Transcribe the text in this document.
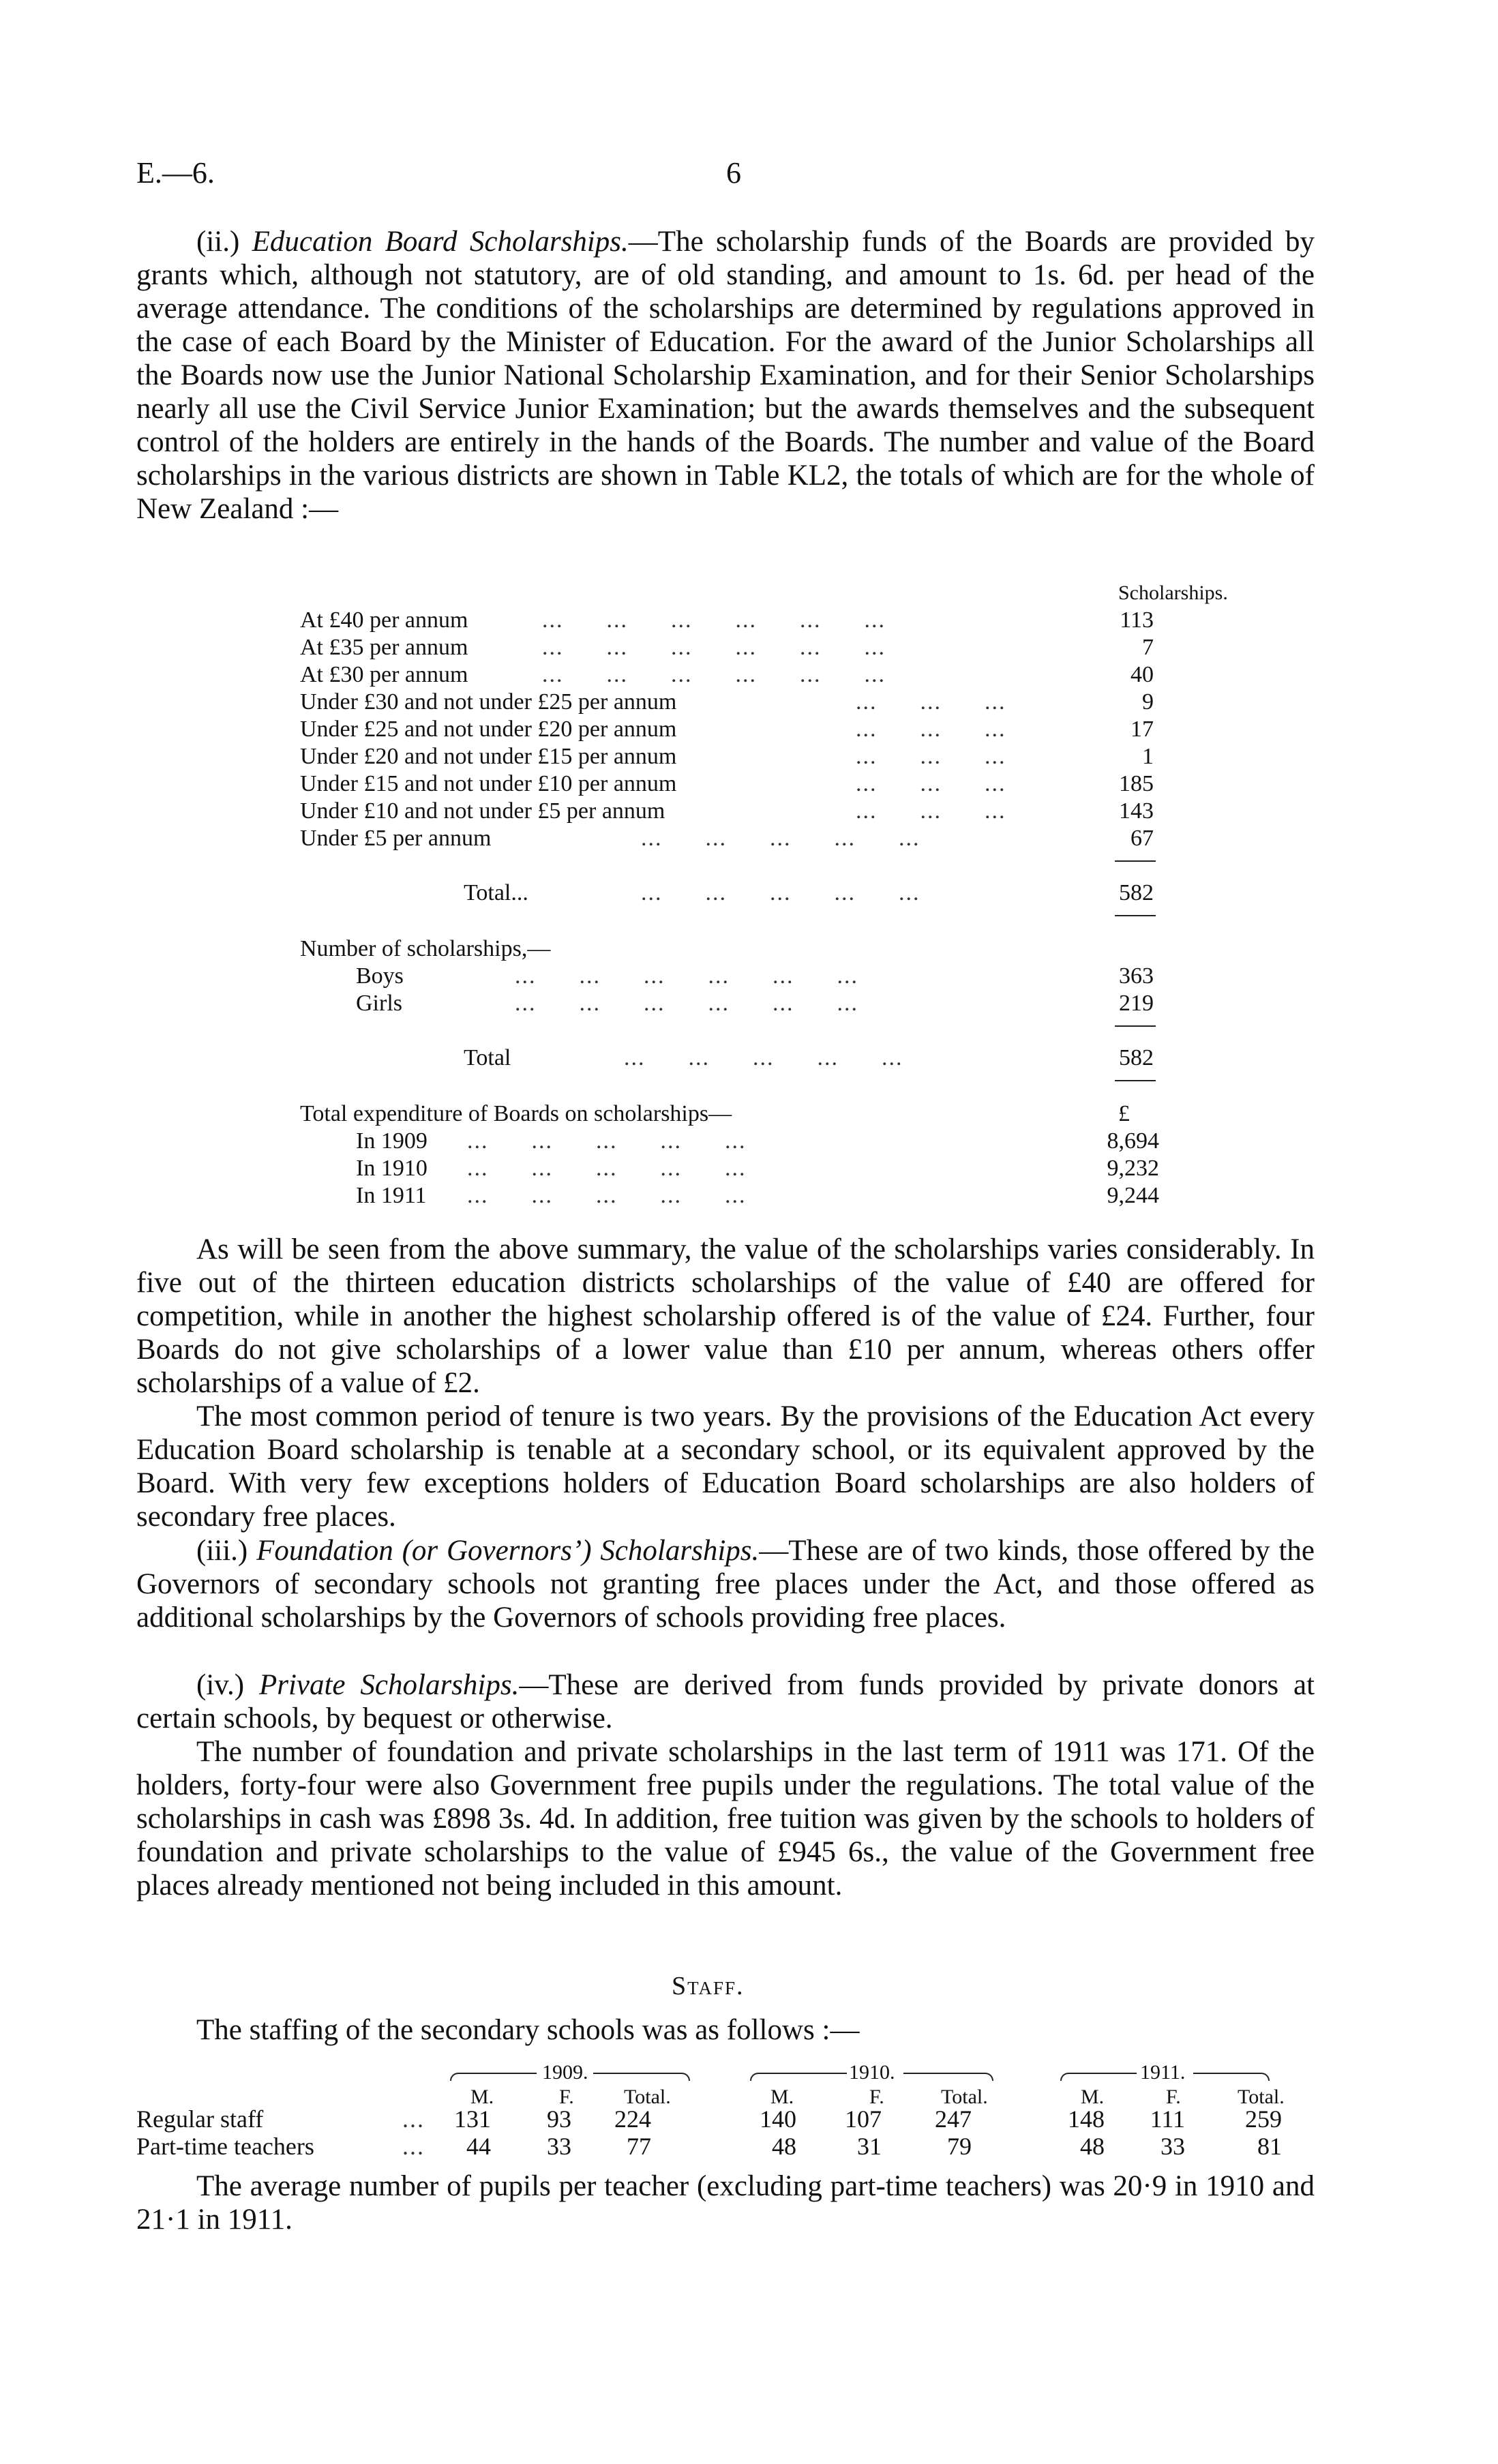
E.—6.	6

(ii.) Education Board Scholarships.—The scholarship funds of the Boards are provided by grants which, although not statutory, are of old standing, and amount to 1s. 6d. per head of the average attendance. The conditions of the scholarships are determined by regulations approved in the case of each Board by the Minister of Education. For the award of the Junior Scholarships all the Boards now use the Junior National Scholarship Examination, and for their Senior Scholarships nearly all use the Civil Service Junior Examination; but the awards themselves and the subsequent control of the holders are entirely in the hands of the Boards. The number and value of the Board scholarships in the various districts are shown in Table KL2, the totals of which are for the whole of New Zealand :—

Scholarships.
At £40 per annum	...      ...      ...      ...      ...      ...	113
At £35 per annum	...      ...      ...      ...      ...      ...	7
At £30 per annum	...      ...      ...      ...      ...      ...	40
Under £30 and not under £25 per annum	...      ...      ...	9
Under £25 and not under £20 per annum	...      ...      ...	17
Under £20 and not under £15 per annum	...      ...      ...	1
Under £15 and not under £10 per annum	...      ...      ...	185
Under £10 and not under £5 per annum	...      ...      ...	143
Under £5 per annum	...      ...      ...      ...      ...	67
Total...	...      ...      ...      ...      ...	582
Number of scholarships,—
Boys	...      ...      ...      ...      ...      ...	363
Girls	...      ...      ...      ...      ...      ...	219
Total	...      ...      ...      ...      ...	582
Total expenditure of Boards on scholarships—	£
In 1909 ...      ...      ...      ...      ...	8,694
In 1910 ...      ...      ...      ...      ...	9,232
In 1911 ...      ...      ...      ...      ...	9,244

As will be seen from the above summary, the value of the scholarships varies considerably. In five out of the thirteen education districts scholarships of the value of £40 are offered for competition, while in another the highest scholarship offered is of the value of £24. Further, four Boards do not give scholarships of a lower value than £10 per annum, whereas others offer scholarships of a value of £2.

The most common period of tenure is two years. By the provisions of the Education Act every Education Board scholarship is tenable at a secondary school, or its equivalent approved by the Board. With very few exceptions holders of Education Board scholarships are also holders of secondary free places.

(iii.) Foundation (or Governors’) Scholarships.—These are of two kinds, those offered by the Governors of secondary schools not granting free places under the Act, and those offered as additional scholarships by the Governors of schools providing free places.

(iv.) Private Scholarships.—These are derived from funds provided by private donors at certain schools, by bequest or otherwise.

The number of foundation and private scholarships in the last term of 1911 was 171. Of the holders, forty-four were also Government free pupils under the regulations. The total value of the scholarships in cash was £898 3s. 4d. In addition, free tuition was given by the schools to holders of foundation and private scholarships to the value of £945 6s., the value of the Government free places already mentioned not being included in this amount.

Staff.

The staffing of the secondary schools was as follows :—

1909.	1910.	1911.
M.	F. Total.	M.	F.	Total.	M.	F.	Total.
Regular staff	... 131 93 224	140 107 247	148 111 259
Part-time teachers	... 44 33 77	48 31	79	48 33	81

The average number of pupils per teacher (excluding part-time teachers) was 20·9 in 1910 and 21·1 in 1911.
